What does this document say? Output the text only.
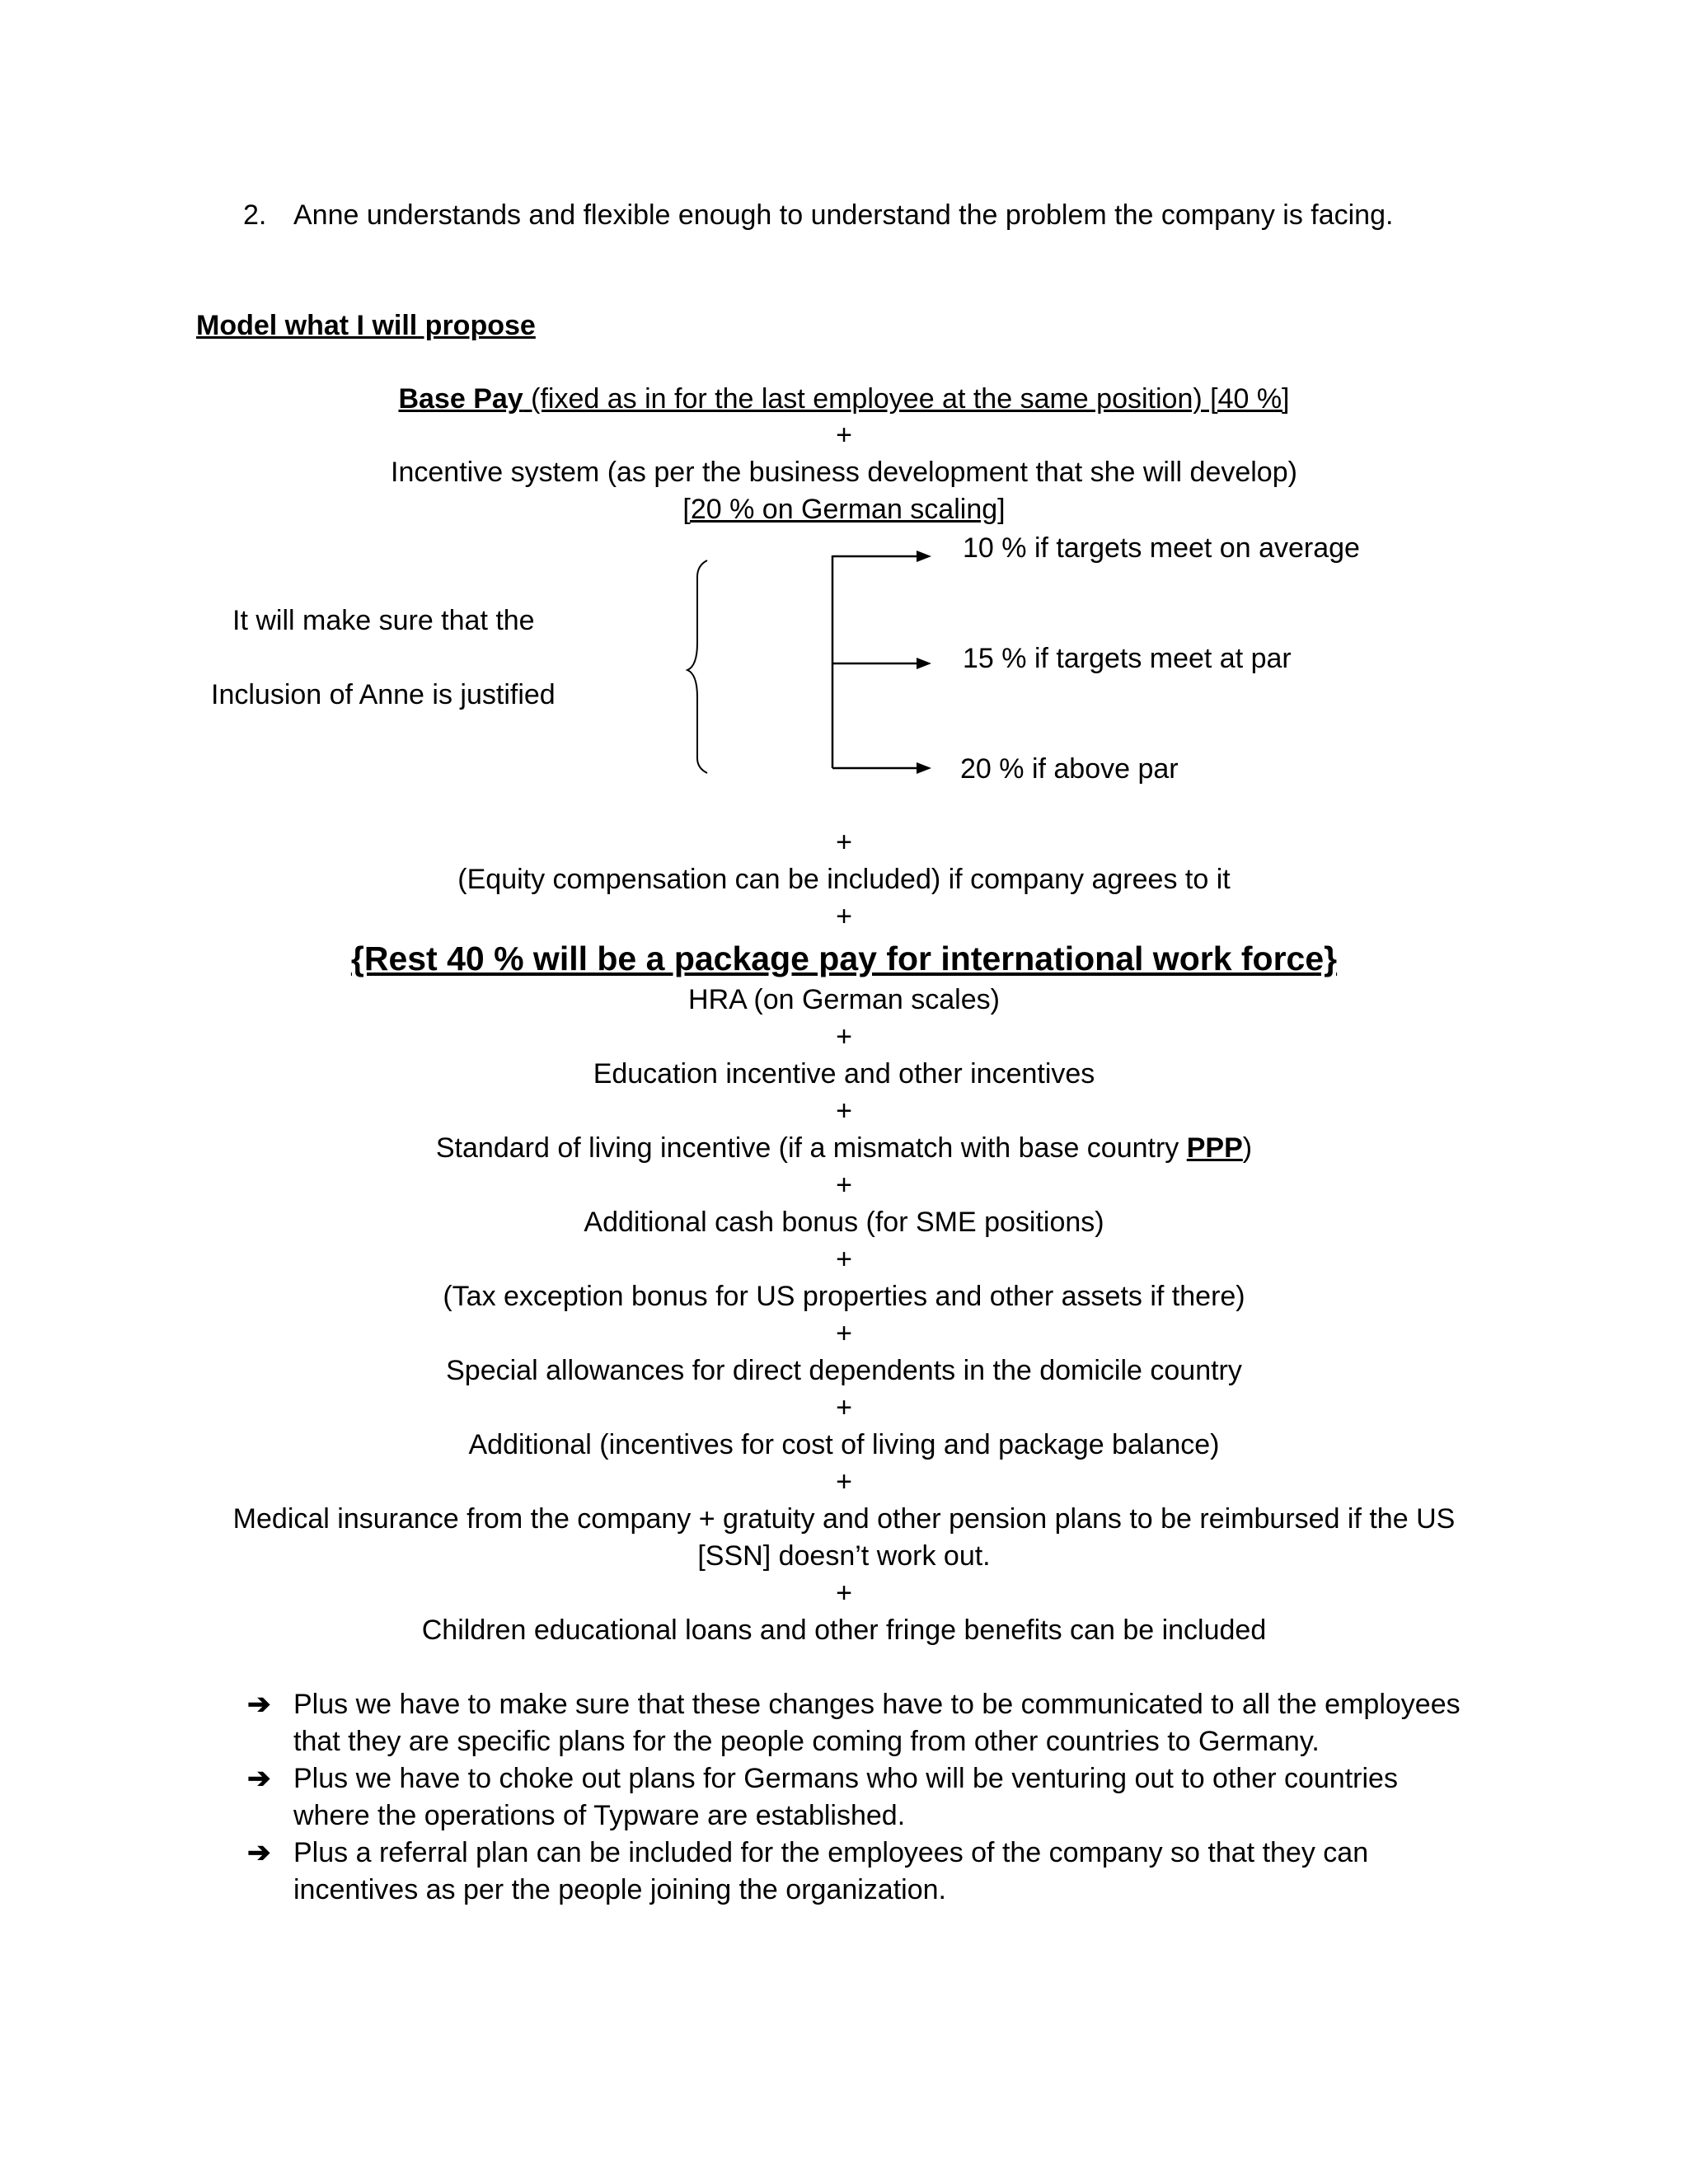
2. Anne understands and flexible enough to understand the problem the company is facing.
Model what I will propose
Base Pay (fixed as in for the last employee at the same position) [40 %]
+
Incentive system (as per the business development that she will develop)
[20 % on German scaling]
10 % if targets meet on average
15 % if targets meet at par
20 % if above par
It will make sure that the
Inclusion of Anne is justified
+
(Equity compensation can be included) if company agrees to it
+
{Rest 40 % will be a package pay for international work force}
HRA (on German scales)
+
Education incentive and other incentives
+
Standard of living incentive (if a mismatch with base country PPP)
+
Additional cash bonus (for SME positions)
+
(Tax exception bonus for US properties and other assets if there)
+
Special allowances for direct dependents in the domicile country
+
Additional (incentives for cost of living and package balance)
+
Medical insurance from the company + gratuity and other pension plans to be reimbursed if the US
[SSN] doesn’t work out.
+
Children educational loans and other fringe benefits can be included
➔ Plus we have to make sure that these changes have to be communicated to all the employees
that they are specific plans for the people coming from other countries to Germany.
➔ Plus we have to choke out plans for Germans who will be venturing out to other countries
where the operations of Typware are established.
➔ Plus a referral plan can be included for the employees of the company so that they can
incentives as per the people joining the organization.
